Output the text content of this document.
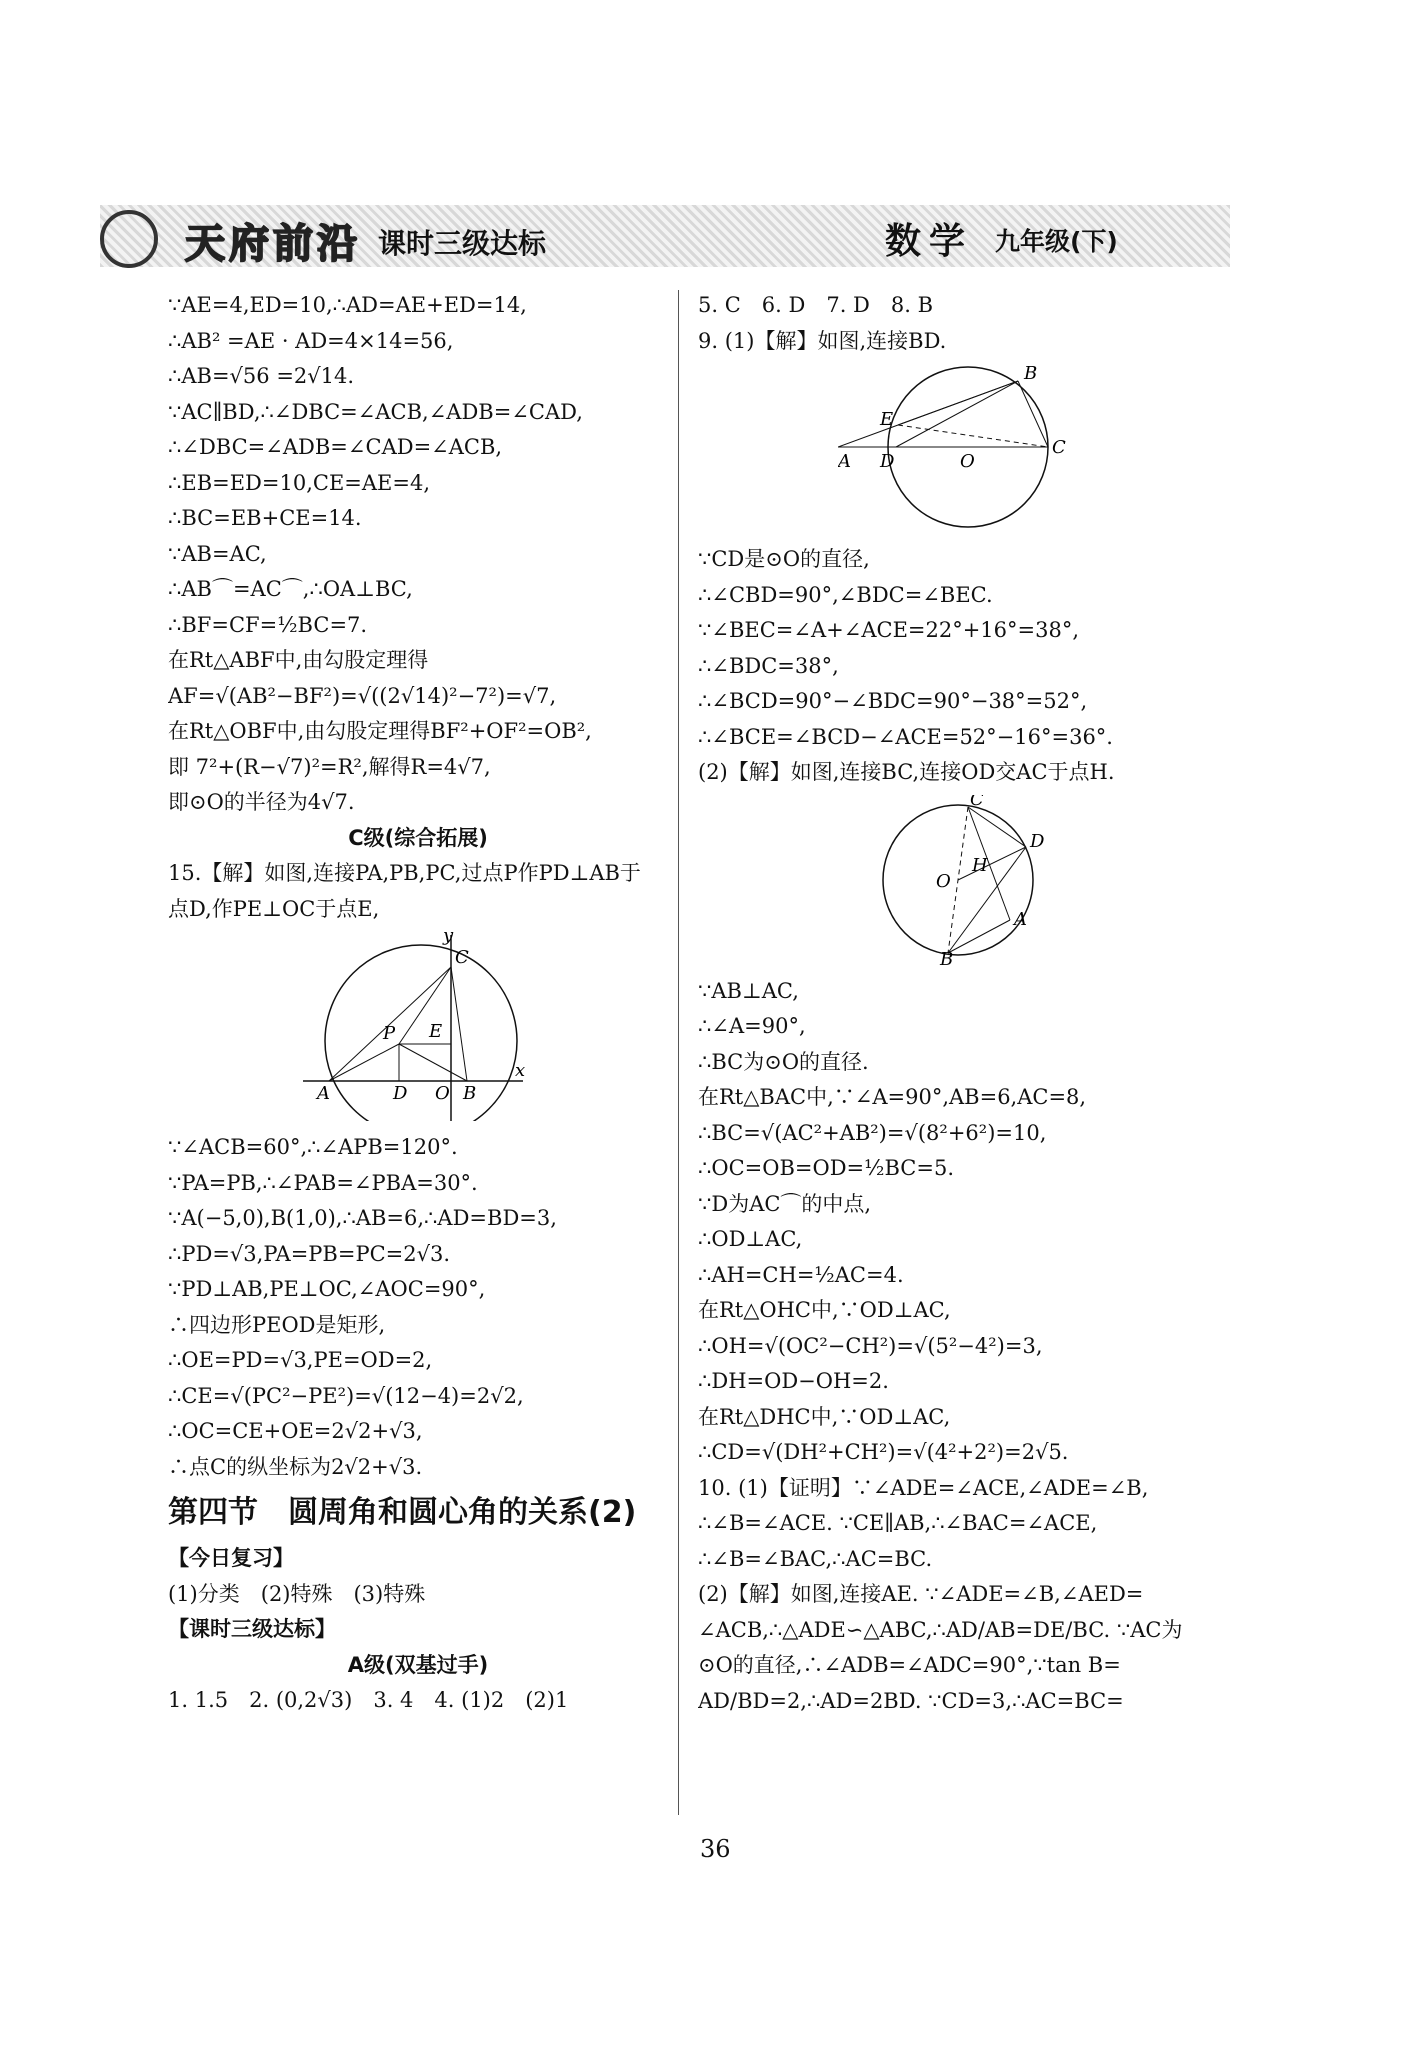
天府前沿 课时三级达标	数学 九年级(下)
∵AE=4,ED=10,∴AD=AE+ED=14,
∴AB² =AE · AD=4×14=56,
∴AB=√56 =2√14.
∵AC∥BD,∴∠DBC=∠ACB,∠ADB=∠CAD,
∴∠DBC=∠ADB=∠CAD=∠ACB,
∴EB=ED=10,CE=AE=4,
∴BC=EB+CE=14.
∵AB=AC,
∴AB⌒=AC⌒,∴OA⊥BC,
∴BF=CF=½BC=7.
在Rt△ABF中,由勾股定理得
AF=√(AB²−BF²)=√((2√14)²−7²)=√7,
在Rt△OBF中,由勾股定理得BF²+OF²=OB²,
即 7²+(R−√7)²=R²,解得R=4√7,
即⊙O的半径为4√7.
C级(综合拓展)
15.【解】如图,连接PA,PB,PC,过点P作PD⊥AB于
点D,作PE⊥OC于点E,
y
C
P E
A	D O B
x
∵∠ACB=60°,∴∠APB=120°.
∵PA=PB,∴∠PAB=∠PBA=30°.
∵A(−5,0),B(1,0),∴AB=6,∴AD=BD=3,
∴PD=√3,PA=PB=PC=2√3.
∵PD⊥AB,PE⊥OC,∠AOC=90°,
∴四边形PEOD是矩形,
∴OE=PD=√3,PE=OD=2,
∴CE=√(PC²−PE²)=√(12−4)=2√2,
∴OC=CE+OE=2√2+√3,
∴点C的纵坐标为2√2+√3.
第四节　圆周角和圆心角的关系(2)
【今日复习】
(1)分类　(2)特殊　(3)特殊
【课时三级达标】
A级(双基过手)
1. 1.5　2. (0,2√3)　3. 4　4. (1)2　(2)1
5. C　6. D　7. D　8. B
9. (1)【解】如图,连接BD.
B
E
C
A D	O
∵CD是⊙O的直径,
∴∠CBD=90°,∠BDC=∠BEC.
∵∠BEC=∠A+∠ACE=22°+16°=38°,
∴∠BDC=38°,
∴∠BCD=90°−∠BDC=90°−38°=52°,
∴∠BCE=∠BCD−∠ACE=52°−16°=36°.
(2)【解】如图,连接BC,连接OD交AC于点H.
C
D
H
O
A
B
∵AB⊥AC,
∴∠A=90°,
∴BC为⊙O的直径.
在Rt△BAC中,∵∠A=90°,AB=6,AC=8,
∴BC=√(AC²+AB²)=√(8²+6²)=10,
∴OC=OB=OD=½BC=5.
∵D为AC⌒的中点,
∴OD⊥AC,
∴AH=CH=½AC=4.
在Rt△OHC中,∵OD⊥AC,
∴OH=√(OC²−CH²)=√(5²−4²)=3,
∴DH=OD−OH=2.
在Rt△DHC中,∵OD⊥AC,
∴CD=√(DH²+CH²)=√(4²+2²)=2√5.
10. (1)【证明】∵∠ADE=∠ACE,∠ADE=∠B,
∴∠B=∠ACE. ∵CE∥AB,∴∠BAC=∠ACE,
∴∠B=∠BAC,∴AC=BC.
(2)【解】如图,连接AE. ∵∠ADE=∠B,∠AED=
∠ACB,∴△ADE∽△ABC,∴AD/AB=DE/BC. ∵AC为
⊙O的直径,∴∠ADB=∠ADC=90°,∵tan B=
AD/BD=2,∴AD=2BD. ∵CD=3,∴AC=BC=
36
